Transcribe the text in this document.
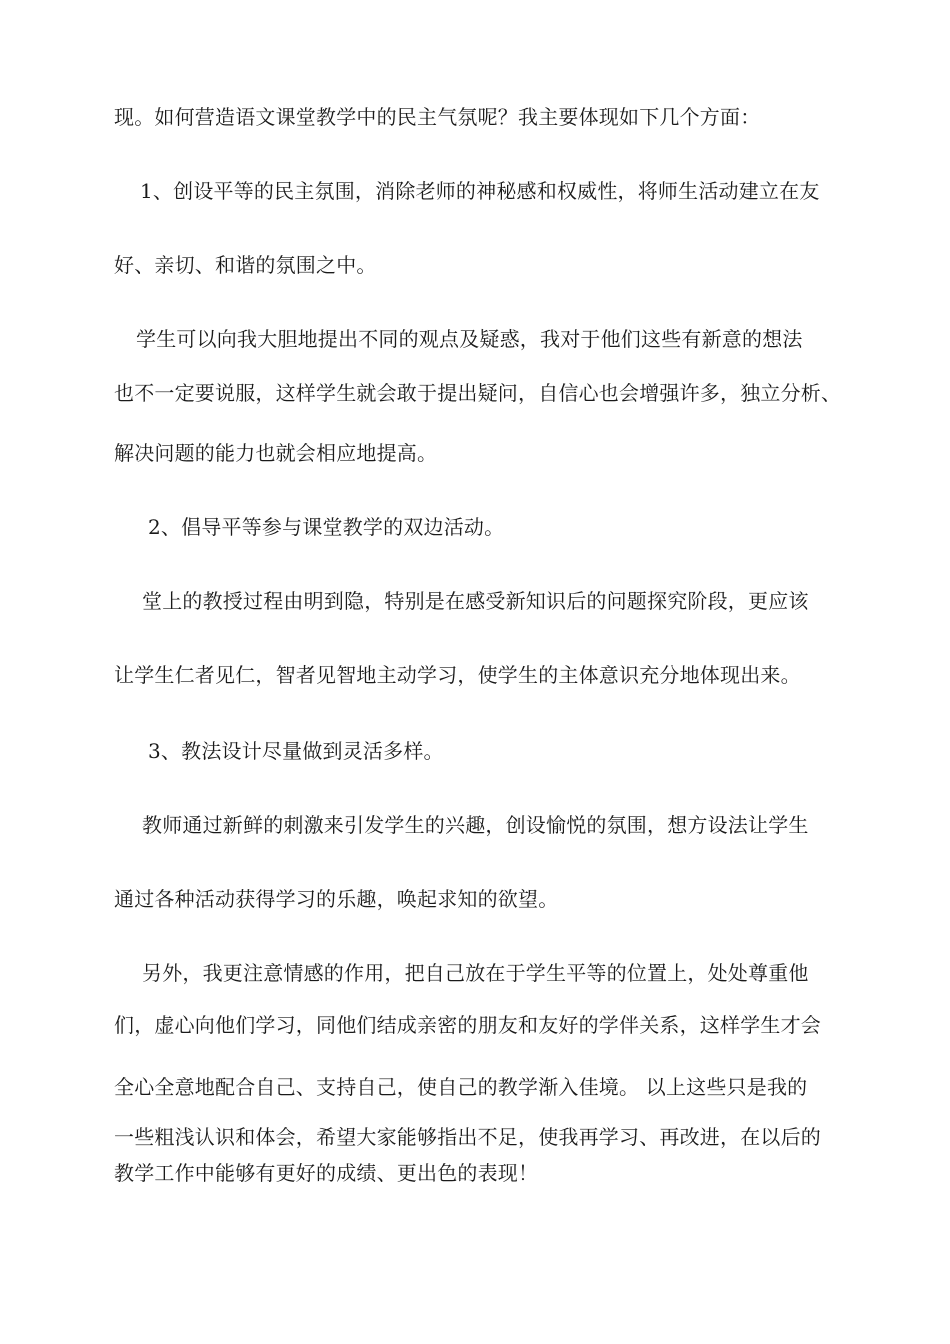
现。如何营造语文课堂教学中的民主气氛呢？我主要体现如下几个方面：
1、创设平等的民主氛围，消除老师的神秘感和权威性，将师生活动建立在友
好、亲切、和谐的氛围之中。
学生可以向我大胆地提出不同的观点及疑惑，我对于他们这些有新意的想法
也不一定要说服，这样学生就会敢于提出疑问，自信心也会增强许多，独立分析、
解决问题的能力也就会相应地提高。
2、倡导平等参与课堂教学的双边活动。
堂上的教授过程由明到隐，特别是在感受新知识后的问题探究阶段，更应该
让学生仁者见仁，智者见智地主动学习，使学生的主体意识充分地体现出来。
3、教法设计尽量做到灵活多样。
教师通过新鲜的刺激来引发学生的兴趣，创设愉悦的氛围，想方设法让学生
通过各种活动获得学习的乐趣，唤起求知的欲望。
另外，我更注意情感的作用，把自己放在于学生平等的位置上，处处尊重他
们，虚心向他们学习，同他们结成亲密的朋友和友好的学伴关系，这样学生才会
全心全意地配合自己、支持自己，使自己的教学渐入佳境。 以上这些只是我的
一些粗浅认识和体会，希望大家能够指出不足，使我再学习、再改进，在以后的
教学工作中能够有更好的成绩、更出色的表现！
